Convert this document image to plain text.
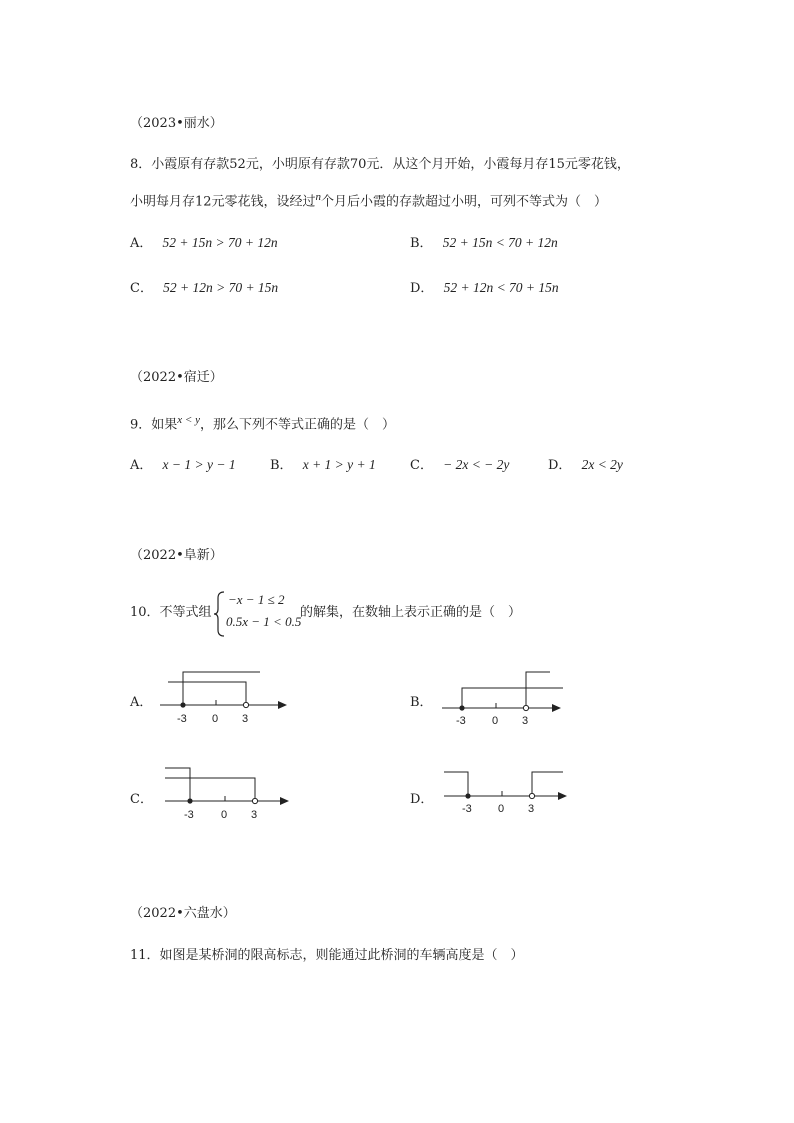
（2023•丽水）
8．小霞原有存款52元，小明原有存款70元．从这个月开始，小霞每月存15元零花钱，
小明每月存12元零花钱，设经过$^n$个月后小霞的存款超过小明，可列不等式为（　）
A． 52 + 15n > 70 + 12n	B． 52 + 15n < 70 + 12n
C． 52 + 12n > 70 + 15n	D． 52 + 12n < 70 + 15n
（2022•宿迁）
9．如果$^{x < y}$，那么下列不等式正确的是（　）
A． x − 1 > y − 1	B． x + 1 > y + 1	C． − 2x < − 2y	D． 2x < 2y
（2022•阜新）
10．不等式组
−x − 1 ≤ 2
0.5x − 1 < 0.5
的解集，在数轴上表示正确的是（　）
A．
-3 0 3
B．
-3 0 3
C．
-3 0 3
D．
-3 0 3
（2022•六盘水）
11．如图是某桥洞的限高标志，则能通过此桥洞的车辆高度是（　）
